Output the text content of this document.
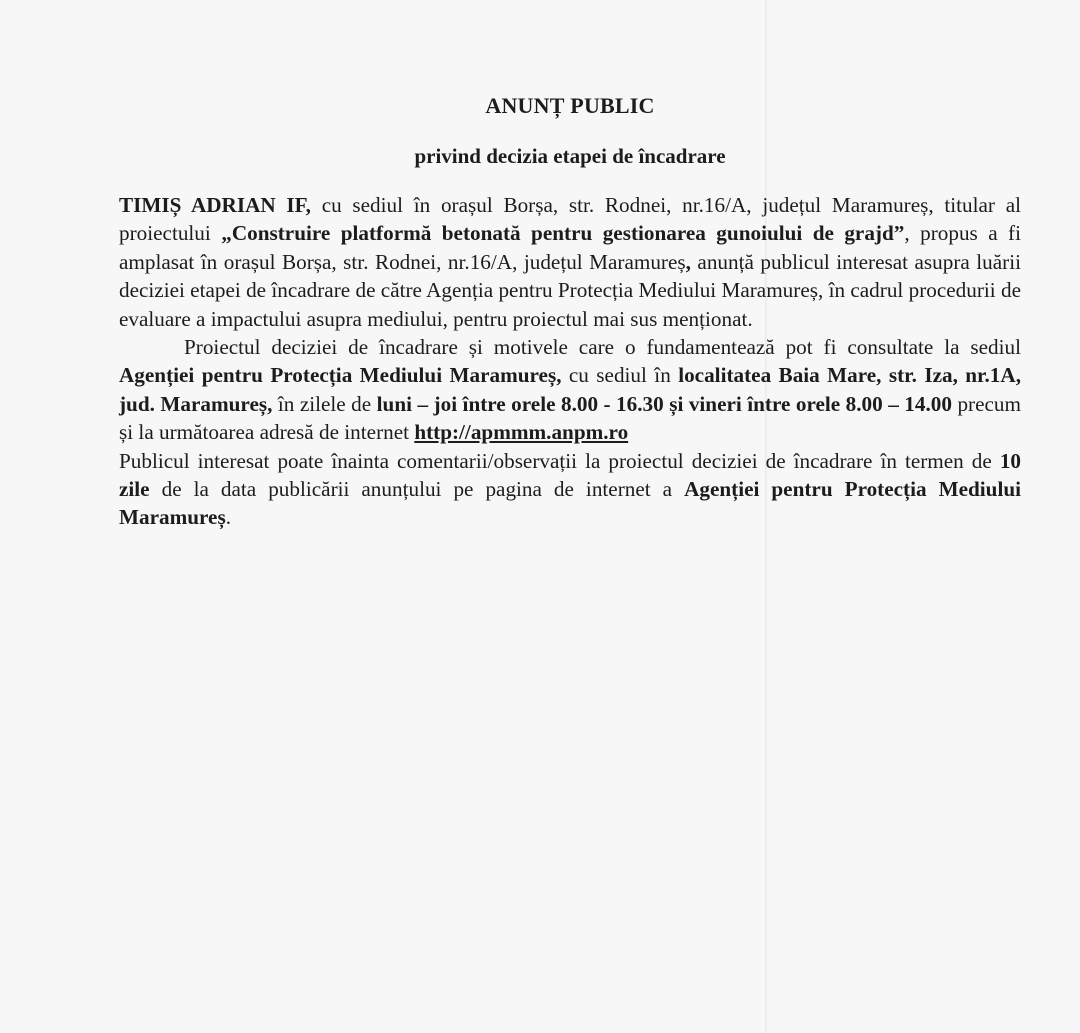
ANUNȚ PUBLIC
privind decizia etapei de încadrare

TIMIȘ ADRIAN IF, cu sediul în orașul Borșa, str. Rodnei, nr.16/A, județul Maramureș, titular al proiectului „Construire platformă betonată pentru gestionarea gunoiului de grajd”, propus a fi amplasat în orașul Borșa, str. Rodnei, nr.16/A, județul Maramureș, anunță publicul interesat asupra luării deciziei etapei de încadrare de către Agenția pentru Protecția Mediului Maramureș, în cadrul procedurii de evaluare a impactului asupra mediului, pentru proiectul mai sus menționat.

Proiectul deciziei de încadrare și motivele care o fundamentează pot fi consultate la sediul Agenției pentru Protecția Mediului Maramureș, cu sediul în localitatea Baia Mare, str. Iza, nr.1A, jud. Maramureș, în zilele de luni – joi între orele 8.00 - 16.30 și vineri între orele 8.00 – 14.00 precum și la următoarea adresă de internet http://apmmm.anpm.ro

Publicul interesat poate înainta comentarii/observații la proiectul deciziei de încadrare în termen de 10 zile de la data publicării anunțului pe pagina de internet a Agenției pentru Protecția Mediului Maramureș.
